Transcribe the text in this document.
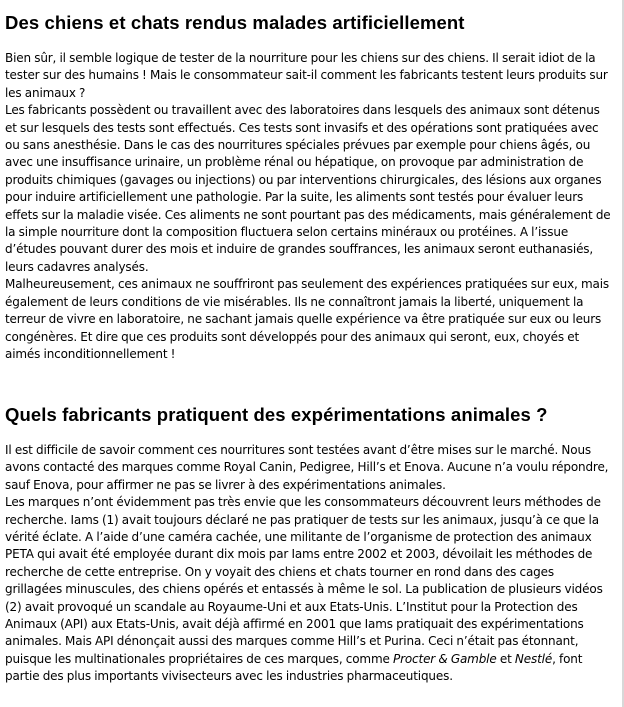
Des chiens et chats rendus malades artificiellement

Bien sûr, il semble logique de tester de la nourriture pour les chiens sur des chiens. Il serait idiot de la tester sur des humains ! Mais le consommateur sait-il comment les fabricants testent leurs produits sur les animaux ?

Les fabricants possèdent ou travaillent avec des laboratoires dans lesquels des animaux sont détenus et sur lesquels des tests sont effectués. Ces tests sont invasifs et des opérations sont pratiquées avec ou sans anesthésie. Dans le cas des nourritures spéciales prévues par exemple pour chiens âgés, ou avec une insuffisance urinaire, un problème rénal ou hépatique, on provoque par administration de produits chimiques (gavages ou injections) ou par interventions chirurgicales, des lésions aux organes pour induire artificiellement une pathologie. Par la suite, les aliments sont testés pour évaluer leurs effets sur la maladie visée. Ces aliments ne sont pourtant pas des médicaments, mais généralement de la simple nourriture dont la composition fluctuera selon certains minéraux ou protéines. A l’issue d’études pouvant durer des mois et induire de grandes souffrances, les animaux seront euthanasiés, leurs cadavres analysés.

Malheureusement, ces animaux ne souffriront pas seulement des expériences pratiquées sur eux, mais également de leurs conditions de vie misérables. Ils ne connaîtront jamais la liberté, uniquement la terreur de vivre en laboratoire, ne sachant jamais quelle expérience va être pratiquée sur eux ou leurs congénères. Et dire que ces produits sont développés pour des animaux qui seront, eux, choyés et aimés inconditionnellement !

Quels fabricants pratiquent des expérimentations animales ?

Il est difficile de savoir comment ces nourritures sont testées avant d’être mises sur le marché. Nous avons contacté des marques comme Royal Canin, Pedigree, Hill’s et Enova. Aucune n’a voulu répondre, sauf Enova, pour affirmer ne pas se livrer à des expérimentations animales.

Les marques n’ont évidemment pas très envie que les consommateurs découvrent leurs méthodes de recherche. Iams (1) avait toujours déclaré ne pas pratiquer de tests sur les animaux, jusqu’à ce que la vérité éclate. A l’aide d’une caméra cachée, une militante de l’organisme de protection des animaux PETA qui avait été employée durant dix mois par Iams entre 2002 et 2003, dévoilait les méthodes de recherche de cette entreprise. On y voyait des chiens et chats tourner en rond dans des cages grillagées minuscules, des chiens opérés et entassés à même le sol. La publication de plusieurs vidéos (2) avait provoqué un scandale au Royaume-Uni et aux Etats-Unis. L’Institut pour la Protection des Animaux (API) aux Etats-Unis, avait déjà affirmé en 2001 que Iams pratiquait des expérimentations animales. Mais API dénonçait aussi des marques comme Hill’s et Purina. Ceci n’était pas étonnant, puisque les multinationales propriétaires de ces marques, comme Procter & Gamble et Nestlé, font partie des plus importants vivisecteurs avec les industries pharmaceutiques.
